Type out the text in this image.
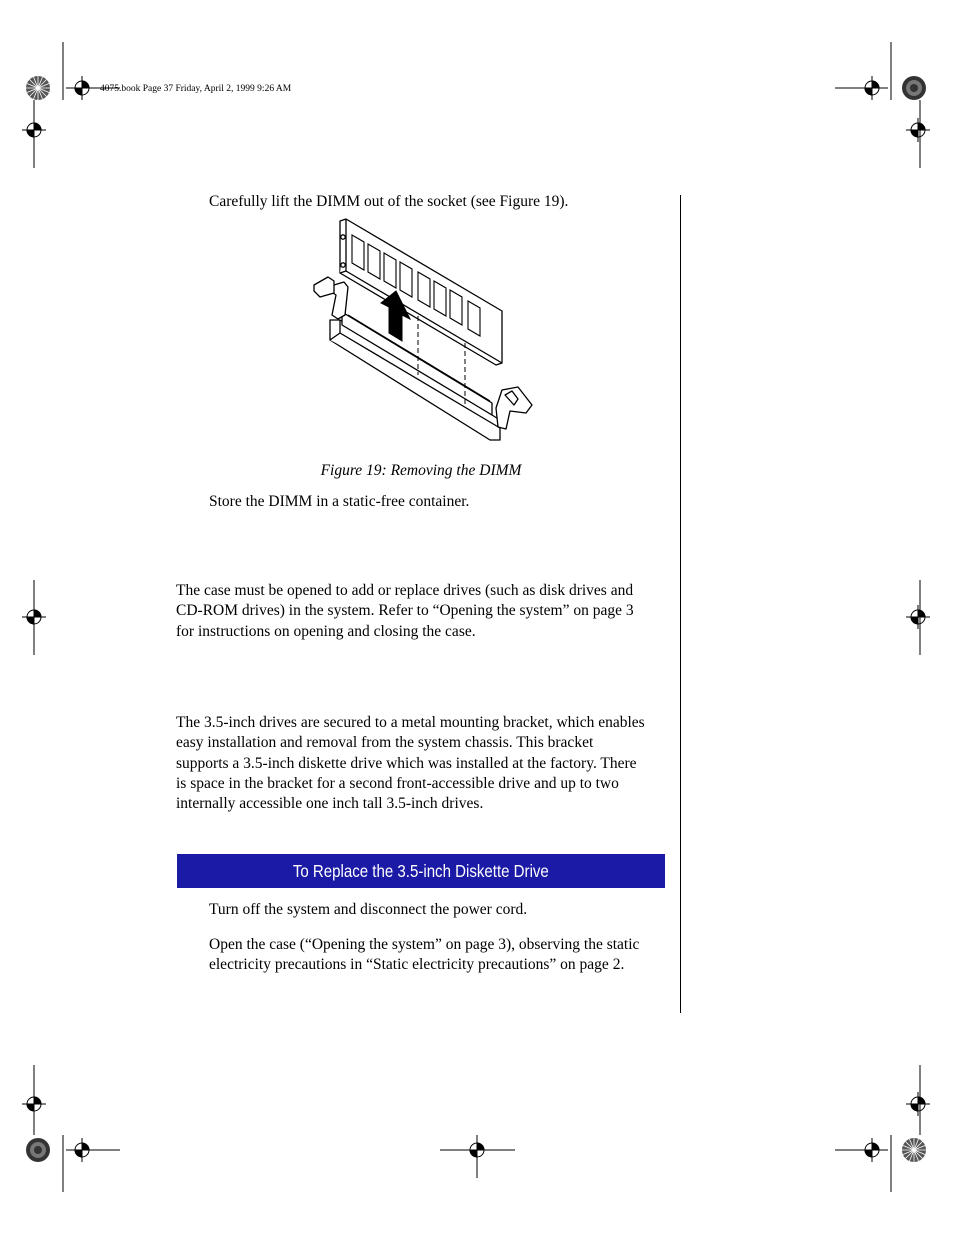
4075.book Page 37 Friday, April 2, 1999 9:26 AM
Carefully lift the DIMM out of the socket (see Figure 19).
Figure 19: Removing the DIMM
Store the DIMM in a static-free container.
The case must be opened to add or replace drives (such as disk drives and
CD-ROM drives) in the system. Refer to “Opening the system” on page 3
for instructions on opening and closing the case.
The 3.5-inch drives are secured to a metal mounting bracket, which enables
easy installation and removal from the system chassis. This bracket
supports a 3.5-inch diskette drive which was installed at the factory. There
is space in the bracket for a second front-accessible drive and up to two
internally accessible one inch tall 3.5-inch drives.
To Replace the 3.5-inch Diskette Drive
Turn off the system and disconnect the power cord.
Open the case (“Opening the system” on page 3), observing the static
electricity precautions in “Static electricity precautions” on page 2.
